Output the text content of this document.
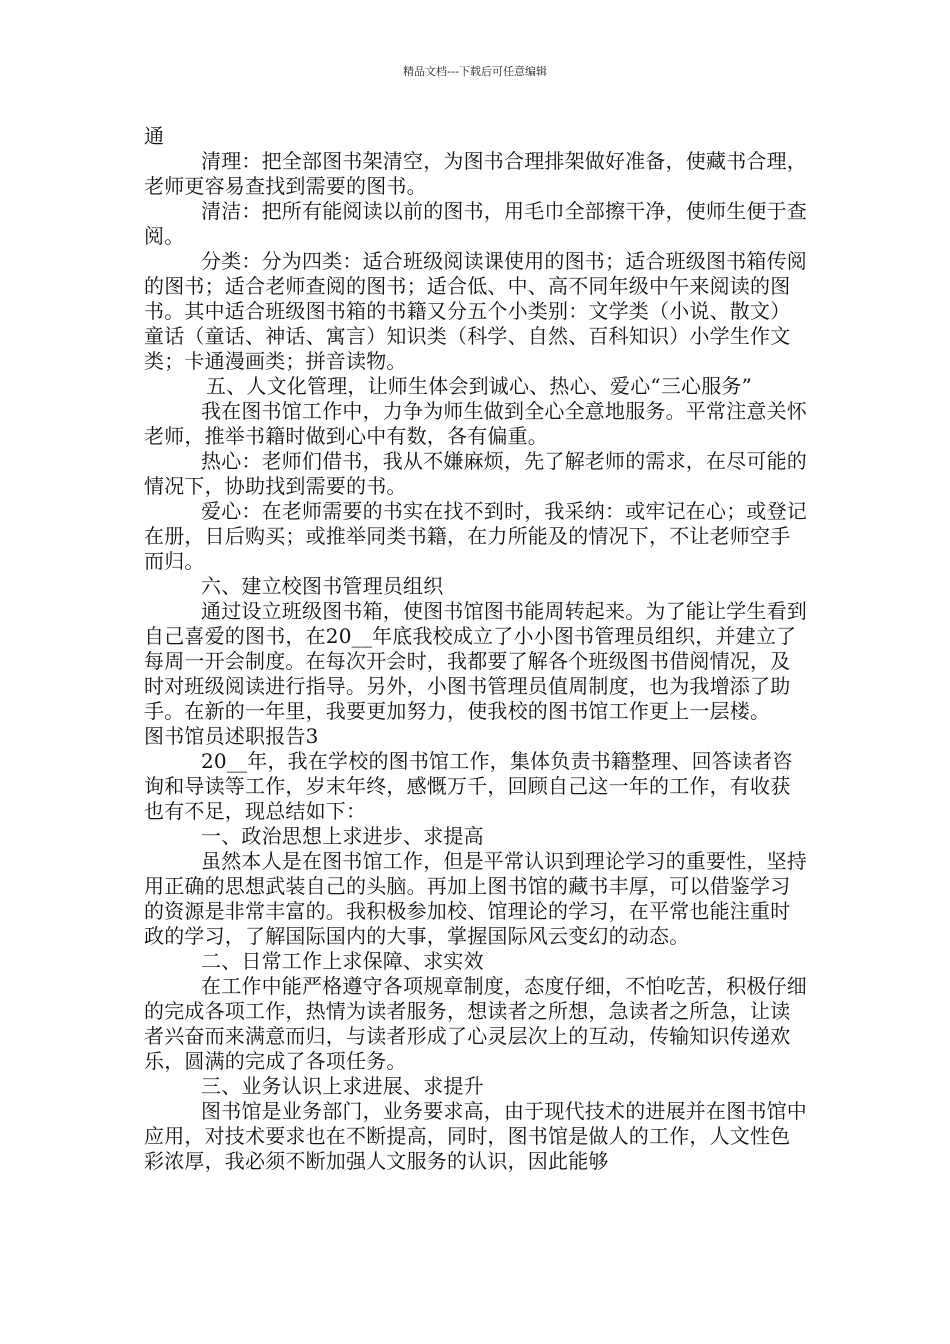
精品文档---下载后可任意编辑

通

清理：把全部图书架清空，为图书合理排架做好准备，使藏书合理，老师更容易查找到需要的图书。

清洁：把所有能阅读以前的图书，用毛巾全部擦干净，使师生便于查阅。

分类：分为四类：适合班级阅读课使用的图书；适合班级图书箱传阅的图书；适合老师查阅的图书；适合低、中、高不同年级中午来阅读的图书。其中适合班级图书箱的书籍又分五个小类别：文学类（小说、散文）童话（童话、神话、寓言）知识类（科学、自然、百科知识）小学生作文类；卡通漫画类；拼音读物。

五、人文化管理，让师生体会到诚心、热心、爱心“三心服务”

我在图书馆工作中，力争为师生做到全心全意地服务。平常注意关怀老师，推举书籍时做到心中有数，各有偏重。

热心：老师们借书，我从不嫌麻烦，先了解老师的需求，在尽可能的情况下，协助找到需要的书。

爱心：在老师需要的书实在找不到时，我采纳：或牢记在心；或登记在册，日后购买；或推举同类书籍，在力所能及的情况下，不让老师空手而归。

六、建立校图书管理员组织

通过设立班级图书箱，使图书馆图书能周转起来。为了能让学生看到自己喜爱的图书，在20__年底我校成立了小小图书管理员组织，并建立了每周一开会制度。在每次开会时，我都要了解各个班级图书借阅情况，及时对班级阅读进行指导。另外，小图书管理员值周制度，也为我增添了助手。在新的一年里，我要更加努力，使我校的图书馆工作更上一层楼。　　　图书馆员述职报告3

20__年，我在学校的图书馆工作，集体负责书籍整理、回答读者咨询和导读等工作，岁末年终，感慨万千，回顾自己这一年的工作，有收获也有不足，现总结如下：

一、政治思想上求进步、求提高

虽然本人是在图书馆工作，但是平常认识到理论学习的重要性，坚持用正确的思想武装自己的头脑。再加上图书馆的藏书丰厚，可以借鉴学习的资源是非常丰富的。我积极参加校、馆理论的学习，在平常也能注重时政的学习，了解国际国内的大事，掌握国际风云变幻的动态。

二、日常工作上求保障、求实效

在工作中能严格遵守各项规章制度，态度仔细，不怕吃苦，积极仔细的完成各项工作，热情为读者服务，想读者之所想，急读者之所急，让读者兴奋而来满意而归，与读者形成了心灵层次上的互动，传输知识传递欢乐，圆满的完成了各项任务。

三、业务认识上求进展、求提升

图书馆是业务部门，业务要求高，由于现代技术的进展并在图书馆中应用，对技术要求也在不断提高，同时，图书馆是做人的工作，人文性色彩浓厚，我必须不断加强人文服务的认识，因此能够
